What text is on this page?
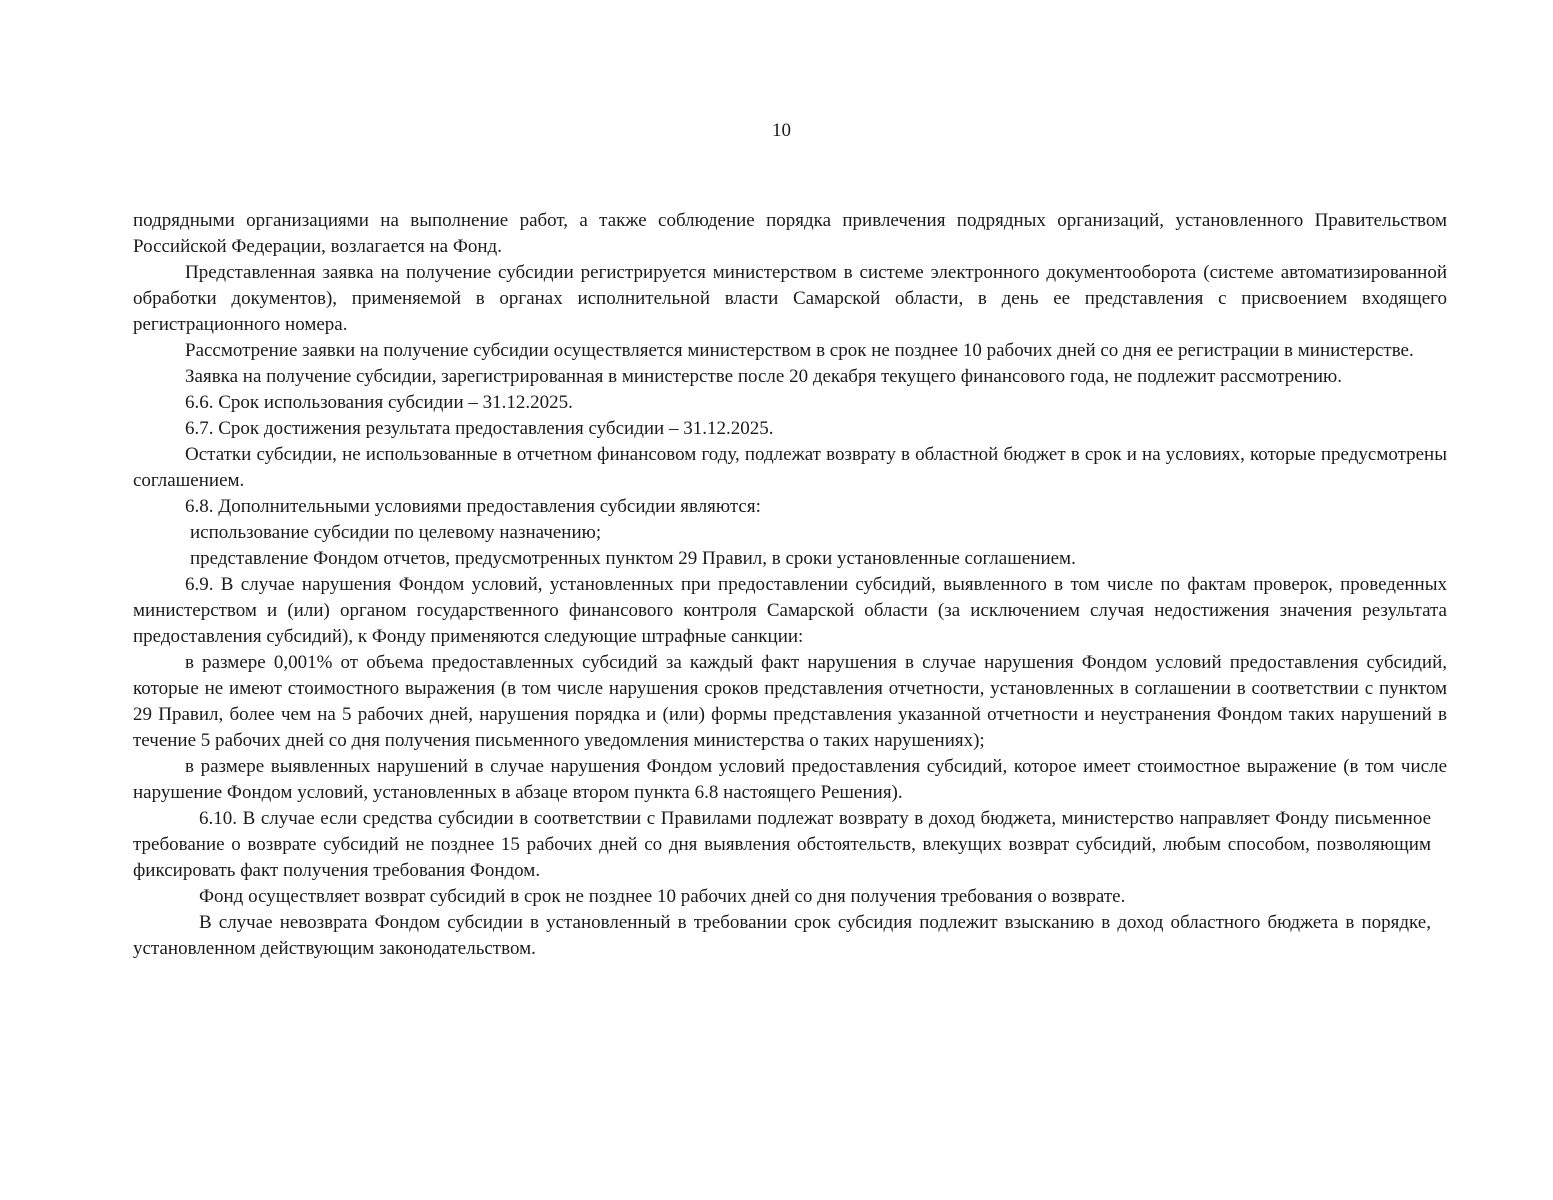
10

подрядными организациями на выполнение работ, а также соблюдение порядка привлечения подрядных организаций, установленного Правительством Российской Федерации, возлагается на Фонд.

Представленная заявка на получение субсидии регистрируется министерством в системе электронного документооборота (системе автоматизированной обработки документов), применяемой в органах исполнительной власти Самарской области, в день ее представления с присвоением входящего регистрационного номера.

Рассмотрение заявки на получение субсидии осуществляется министерством в срок не позднее 10 рабочих дней со дня ее регистрации в министерстве.

Заявка на получение субсидии, зарегистрированная в министерстве после 20 декабря текущего финансового года, не подлежит рассмотрению.

6.6. Срок использования субсидии – 31.12.2025.

6.7. Срок достижения результата предоставления субсидии – 31.12.2025.

Остатки субсидии, не использованные в отчетном финансовом году, подлежат возврату в областной бюджет в срок и на условиях, которые предусмотрены соглашением.

6.8. Дополнительными условиями предоставления субсидии являются:

использование субсидии по целевому назначению;

представление Фондом отчетов, предусмотренных пунктом 29 Правил, в сроки установленные соглашением.

6.9. В случае нарушения Фондом условий, установленных при предоставлении субсидий, выявленного в том числе по фактам проверок, проведенных министерством и (или) органом государственного финансового контроля Самарской области (за исключением случая недостижения значения результата предоставления субсидий), к Фонду применяются следующие штрафные санкции:

в размере 0,001% от объема предоставленных субсидий за каждый факт нарушения в случае нарушения Фондом условий предоставления субсидий, которые не имеют стоимостного выражения (в том числе нарушения сроков представления отчетности, установленных в соглашении в соответствии с пунктом 29 Правил, более чем на 5 рабочих дней, нарушения порядка и (или) формы представления указанной отчетности и неустранения Фондом таких нарушений в течение 5 рабочих дней со дня получения письменного уведомления министерства о таких нарушениях);

в размере выявленных нарушений в случае нарушения Фондом условий предоставления субсидий, которое имеет стоимостное выражение (в том числе нарушение Фондом условий, установленных в абзаце втором пункта 6.8 настоящего Решения).

6.10. В случае если средства субсидии в соответствии с Правилами подлежат возврату в доход бюджета, министерство направляет Фонду письменное требование о возврате субсидий не позднее 15 рабочих дней со дня выявления обстоятельств, влекущих возврат субсидий, любым способом, позволяющим фиксировать факт получения требования Фондом.

Фонд осуществляет возврат субсидий в срок не позднее 10 рабочих дней со дня получения требования о возврате.

В случае невозврата Фондом субсидии в установленный в требовании срок субсидия подлежит взысканию в доход областного бюджета в порядке, установленном действующим законодательством.
